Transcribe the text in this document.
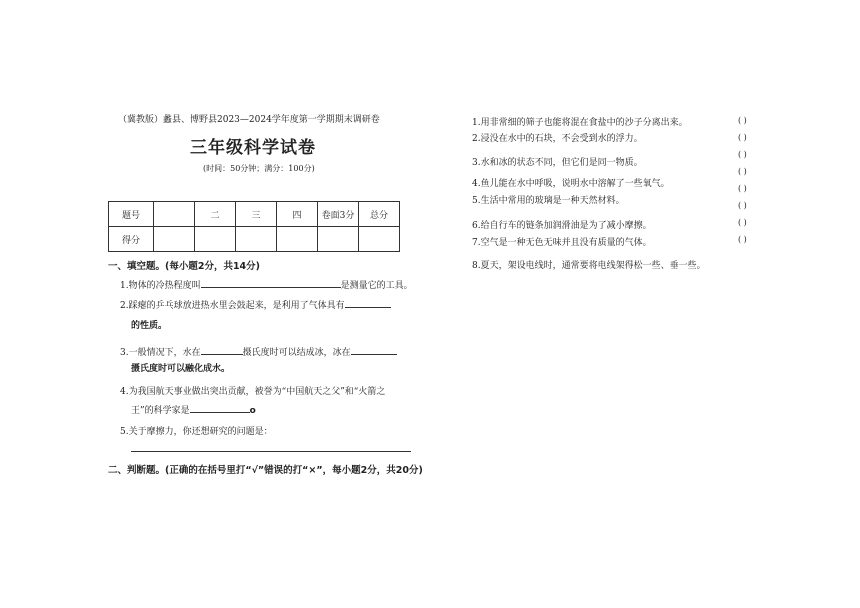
（冀教版）蠡县、博野县2023—2024学年度第一学期期末调研卷
三年级科学试卷
(时间：50分钟；满分：100分)
题号		二	三	四	卷面3分	总分
得分						
一、填空题。(每小题2分，共14分)
1.物体的冷热程度叫	是测量它的工具。
2.踩瘪的乒乓球放进热水里会鼓起来，是利用了气体具有
的性质。
3.一般情况下，水在	摄氏度时可以结成冰，冰在
摄氏度时可以融化成水。
4.为我国航天事业做出突出贡献，被誉为“中国航天之父”和“火箭之
王”的科学家是	o
5.关于摩擦力，你还想研究的问题是：
二、判断题。(正确的在括号里打“√”错误的打“×”，每小题2分，共20分)
1.用非常细的筛子也能将混在食盐中的沙子分离出来。
2.浸没在水中的石块，不会受到水的浮力。
3.水和冰的状态不同，但它们是同一物质。
4.鱼儿能在水中呼吸，说明水中溶解了一些氧气。
5.生活中常用的玻璃是一种天然材料。
6.给自行车的链条加润滑油是为了减小摩擦。
7.空气是一种无色无味并且没有质量的气体。
8.夏天，架设电线时，通常要将电线架得松一些、垂一些。
( )
( )
( )
( )
( )
( )
( )
( )
